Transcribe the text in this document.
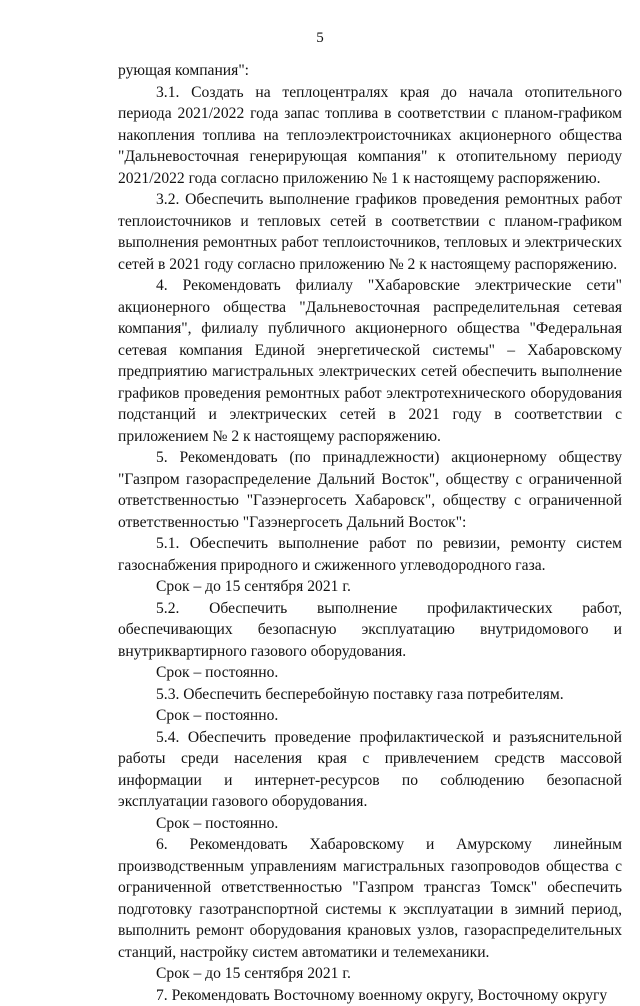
5

рующая компания":

3.1. Создать на теплоцентралях края до начала отопительного периода 2021/2022 года запас топлива в соответствии с планом-графиком накопления топлива на теплоэлектроисточниках акционерного общества "Дальневосточная генерирующая компания" к отопительному периоду 2021/2022 года согласно приложению № 1 к настоящему распоряжению.

3.2. Обеспечить выполнение графиков проведения ремонтных работ теплоисточников и тепловых сетей в соответствии с планом-графиком выполнения ремонтных работ теплоисточников, тепловых и электрических сетей в 2021 году согласно приложению № 2 к настоящему распоряжению.

4. Рекомендовать филиалу "Хабаровские электрические сети" акционерного общества "Дальневосточная распределительная сетевая компания", филиалу публичного акционерного общества "Федеральная сетевая компания Единой энергетической системы" – Хабаровскому предприятию магистральных электрических сетей обеспечить выполнение графиков проведения ремонтных работ электротехнического оборудования подстанций и электрических сетей в 2021 году в соответствии с приложением № 2 к настоящему распоряжению.

5. Рекомендовать (по принадлежности) акционерному обществу "Газпром газораспределение Дальний Восток", обществу с ограниченной ответственностью "Газэнергосеть Хабаровск", обществу с ограниченной ответственностью "Газэнергосеть Дальний Восток":

5.1. Обеспечить выполнение работ по ревизии, ремонту систем газоснабжения природного и сжиженного углеводородного газа.

Срок – до 15 сентября 2021 г.

5.2. Обеспечить выполнение профилактических работ, обеспечивающих безопасную эксплуатацию внутридомового и внутриквартирного газового оборудования.

Срок – постоянно.

5.3. Обеспечить бесперебойную поставку газа потребителям.

Срок – постоянно.

5.4. Обеспечить проведение профилактической и разъяснительной работы среди населения края с привлечением средств массовой информации и интернет-ресурсов по соблюдению безопасной эксплуатации газового оборудования.

Срок – постоянно.

6. Рекомендовать Хабаровскому и Амурскому линейным производственным управлениям магистральных газопроводов общества с ограниченной ответственностью "Газпром трансгаз Томск" обеспечить подготовку газотранспортной системы к эксплуатации в зимний период, выполнить ремонт оборудования крановых узлов, газораспределительных станций, настройку систем автоматики и телемеханики.

Срок – до 15 сентября 2021 г.

7. Рекомендовать Восточному военному округу, Восточному округу
